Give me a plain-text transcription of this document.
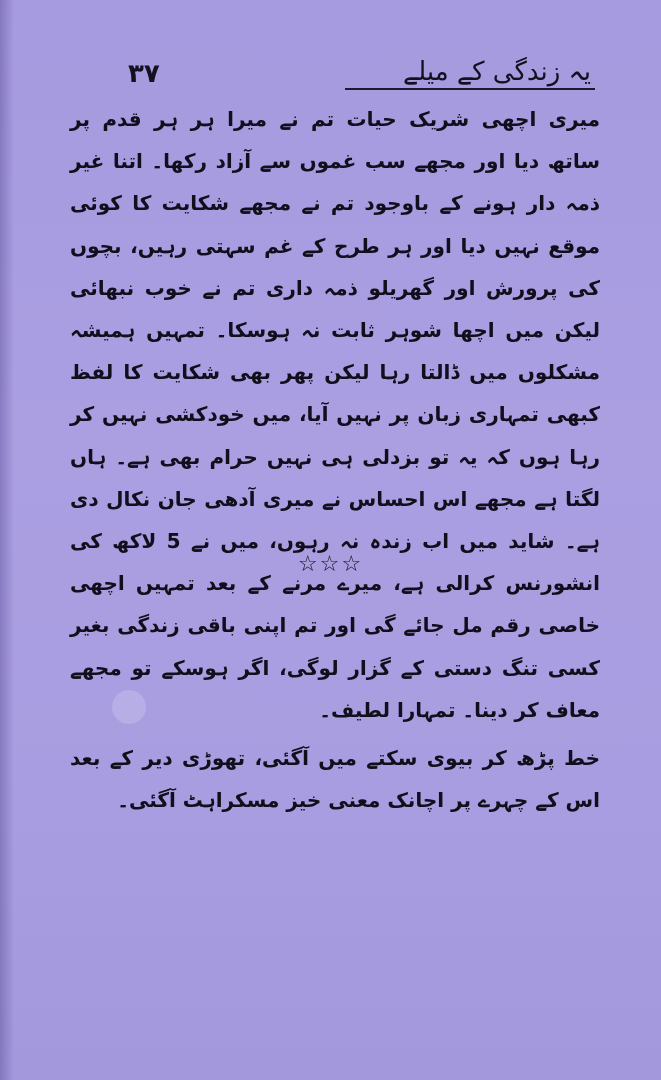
۳۷	یہ زندگی کے میلے

میری اچھی شریک حیات تم نے میرا ہر ہر قدم پر ساتھ دیا اور مجھے سب غموں سے آزاد رکھا۔ اتنا غیر ذمہ دار ہونے کے باوجود تم نے مجھے شکایت کا کوئی موقع نہیں دیا اور ہر طرح کے غم سہتی رہیں، بچوں کی پرورش اور گھریلو ذمہ داری تم نے خوب نبھائی لیکن میں اچھا شوہر ثابت نہ ہوسکا۔ تمہیں ہمیشہ مشکلوں میں ڈالتا رہا لیکن پھر بھی شکایت کا لفظ کبھی تمہاری زبان پر نہیں آیا، میں خودکشی نہیں کر رہا ہوں کہ یہ تو بزدلی ہی نہیں حرام بھی ہے۔ ہاں لگتا ہے مجھے اس احساس نے میری آدھی جان نکال دی ہے۔ شاید میں اب زندہ نہ رہوں، میں نے 5 لاکھ کی انشورنس کرالی ہے، میرے مرنے کے بعد تمہیں اچھی خاصی رقم مل جائے گی اور تم اپنی باقی زندگی بغیر کسی تنگ دستی کے گزار لوگی، اگر ہوسکے تو مجھے معاف کر دینا۔ تمہارا لطیف۔

خط پڑھ کر بیوی سکتے میں آگئی، تھوڑی دیر کے بعد اس کے چہرے پر اچانک معنی خیز مسکراہٹ آگئی۔

☆☆☆
